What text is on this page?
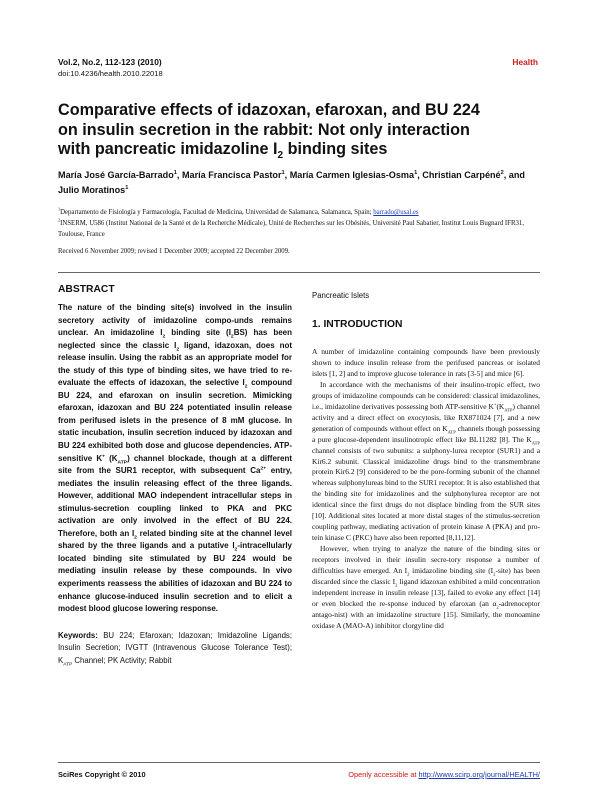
Vol.2, No.2, 112-123 (2010)
doi:10.4236/health.2010.22018
Health
Comparative effects of idazoxan, efaroxan, and BU 224
on insulin secretion in the rabbit: Not only interaction
with pancreatic imidazoline $I_2$ binding sites

María José García-Barrado$^1$, María Francisca Pastor$^1$, María Carmen Iglesias-Osma$^1$, Christian Carpéné$^2$, and Julio Moratinos$^1$

$^1$Departamento de Fisiología y Farmacología, Facultad de Medicina, Universidad de Salamanca, Salamanca, Spain; barrado@usal.es
$^2$INSERM, U586 (Institut National de la Santé et de la Recherche Médicale), Unité de Recherches sur les Obésités, Université Paul Sabatier, Institut Louis Bugnard IFR31, Toulouse, France
Received 6 November 2009; revised 1 December 2009; accepted 22 December 2009.
ABSTRACT

The nature of the binding site(s) involved in the insulin secretory activity of imidazoline compo-unds remains unclear. An imidazoline $I_2$ binding site $(I_2BS)$ has been neglected since the classic $I_2$ ligand, idazoxan, does not release insulin. Using the rabbit as an appropriate model for the study of this type of binding sites, we have tried to re-evaluate the effects of idazoxan, the selective $I_2$ compound BU 224, and efaroxan on insulin secretion. Mimicking efaroxan, idazoxan and BU 224 potentiated insulin release from perifused islets in the presence of 8 mM glucose. In static incubation, insulin secretion induced by idazoxan and BU 224 exhibited both dose and glucose dependencies. ATP-sensitive K+ $(K_{ATP})$ channel blockade, though at a different site from the SUR1 receptor, with subsequent $Ca^{2+}$ entry, mediates the insulin releasing effect of the three ligands. However, additional MAO independent intracellular steps in stimulus-secretion coupling linked to PKA and PKC activation are only involved in the effect of BU 224. Therefore, both an $I_2$ related binding site at the channel level shared by the three ligands and a putative $I_2$-intracellularly located binding site stimulated by BU 224 would be mediating insulin release by these compounds. In vivo experiments reassess the abilities of idazoxan and BU 224 to enhance glucose-induced insulin secretion and to elicit a modest blood glucose lowering response.

Keywords: BU 224; Efaroxan; Idazoxan; Imidazoline Ligands; Insulin Secretion; IVGTT (Intravenous Glucose Tolerance Test); $K_{ATP}$ Channel; PK Activity; Rabbit
Pancreatic Islets
1. INTRODUCTION

A number of imidazoline containing compounds have been previously shown to induce insulin release from the perifused pancreas or isolated islets [1, 2] and to improve glucose tolerance in rats [3-5] and mice [6].

In accordance with the mechanisms of their insulino-tropic effect, two groups of imidazoline compounds can be considered: classical imidazolines, i.e., imidazoline derivatives possessing both ATP-sensitive $K^+(K_{ATP})$ channel activity and a direct effect on exocytosis, like RX871024 [7], and a new generation of compounds without effect on $K_{ATP}$ channels though possessing a pure glucose-dependent insulinotropic effect like BL11282 [8]. The $K_{ATP}$ channel consists of two subunits: a sulphony-lurea receptor (SUR1) and a Kir6.2 subunit. Classical imidazoline drugs bind to the transmembrane protein Kir6.2 [9] considered to be the pore-forming subunit of the channel whereas sulphonylureas bind to the SUR1 receptor. It is also established that the binding site for imidazolines and the sulphonylurea receptor are not identical since the first drugs do not displace binding from the SUR sites [10]. Additional sites located at more distal stages of the stimulus-secretion coupling pathway, mediating activation of protein kinase A (PKA) and pro-tein kinase C (PKC) have also been reported [8,11,12].

However, when trying to analyze the nature of the binding sites or receptors involved in their insulin secre-tory response a number of difficulties have emerged. An $I_2$ imidazoline binding site $(I_2-site)$ has been discarded since the classic $I_2$ ligand idazoxan exhibited a mild concentration independent increase in insulin release [13], failed to evoke any effect [14] or even blocked the re-sponse induced by efaroxan (an $\alpha_2$-adrenoceptor antago-nist) with an imidazoline structure [15]. Similarly, the monoamine oxidase A (MAO-A) inhibitor clorgyline did

SciRes Copyright © 2010	Openly accessible at http://www.scirp.org/journal/HEALTH/
